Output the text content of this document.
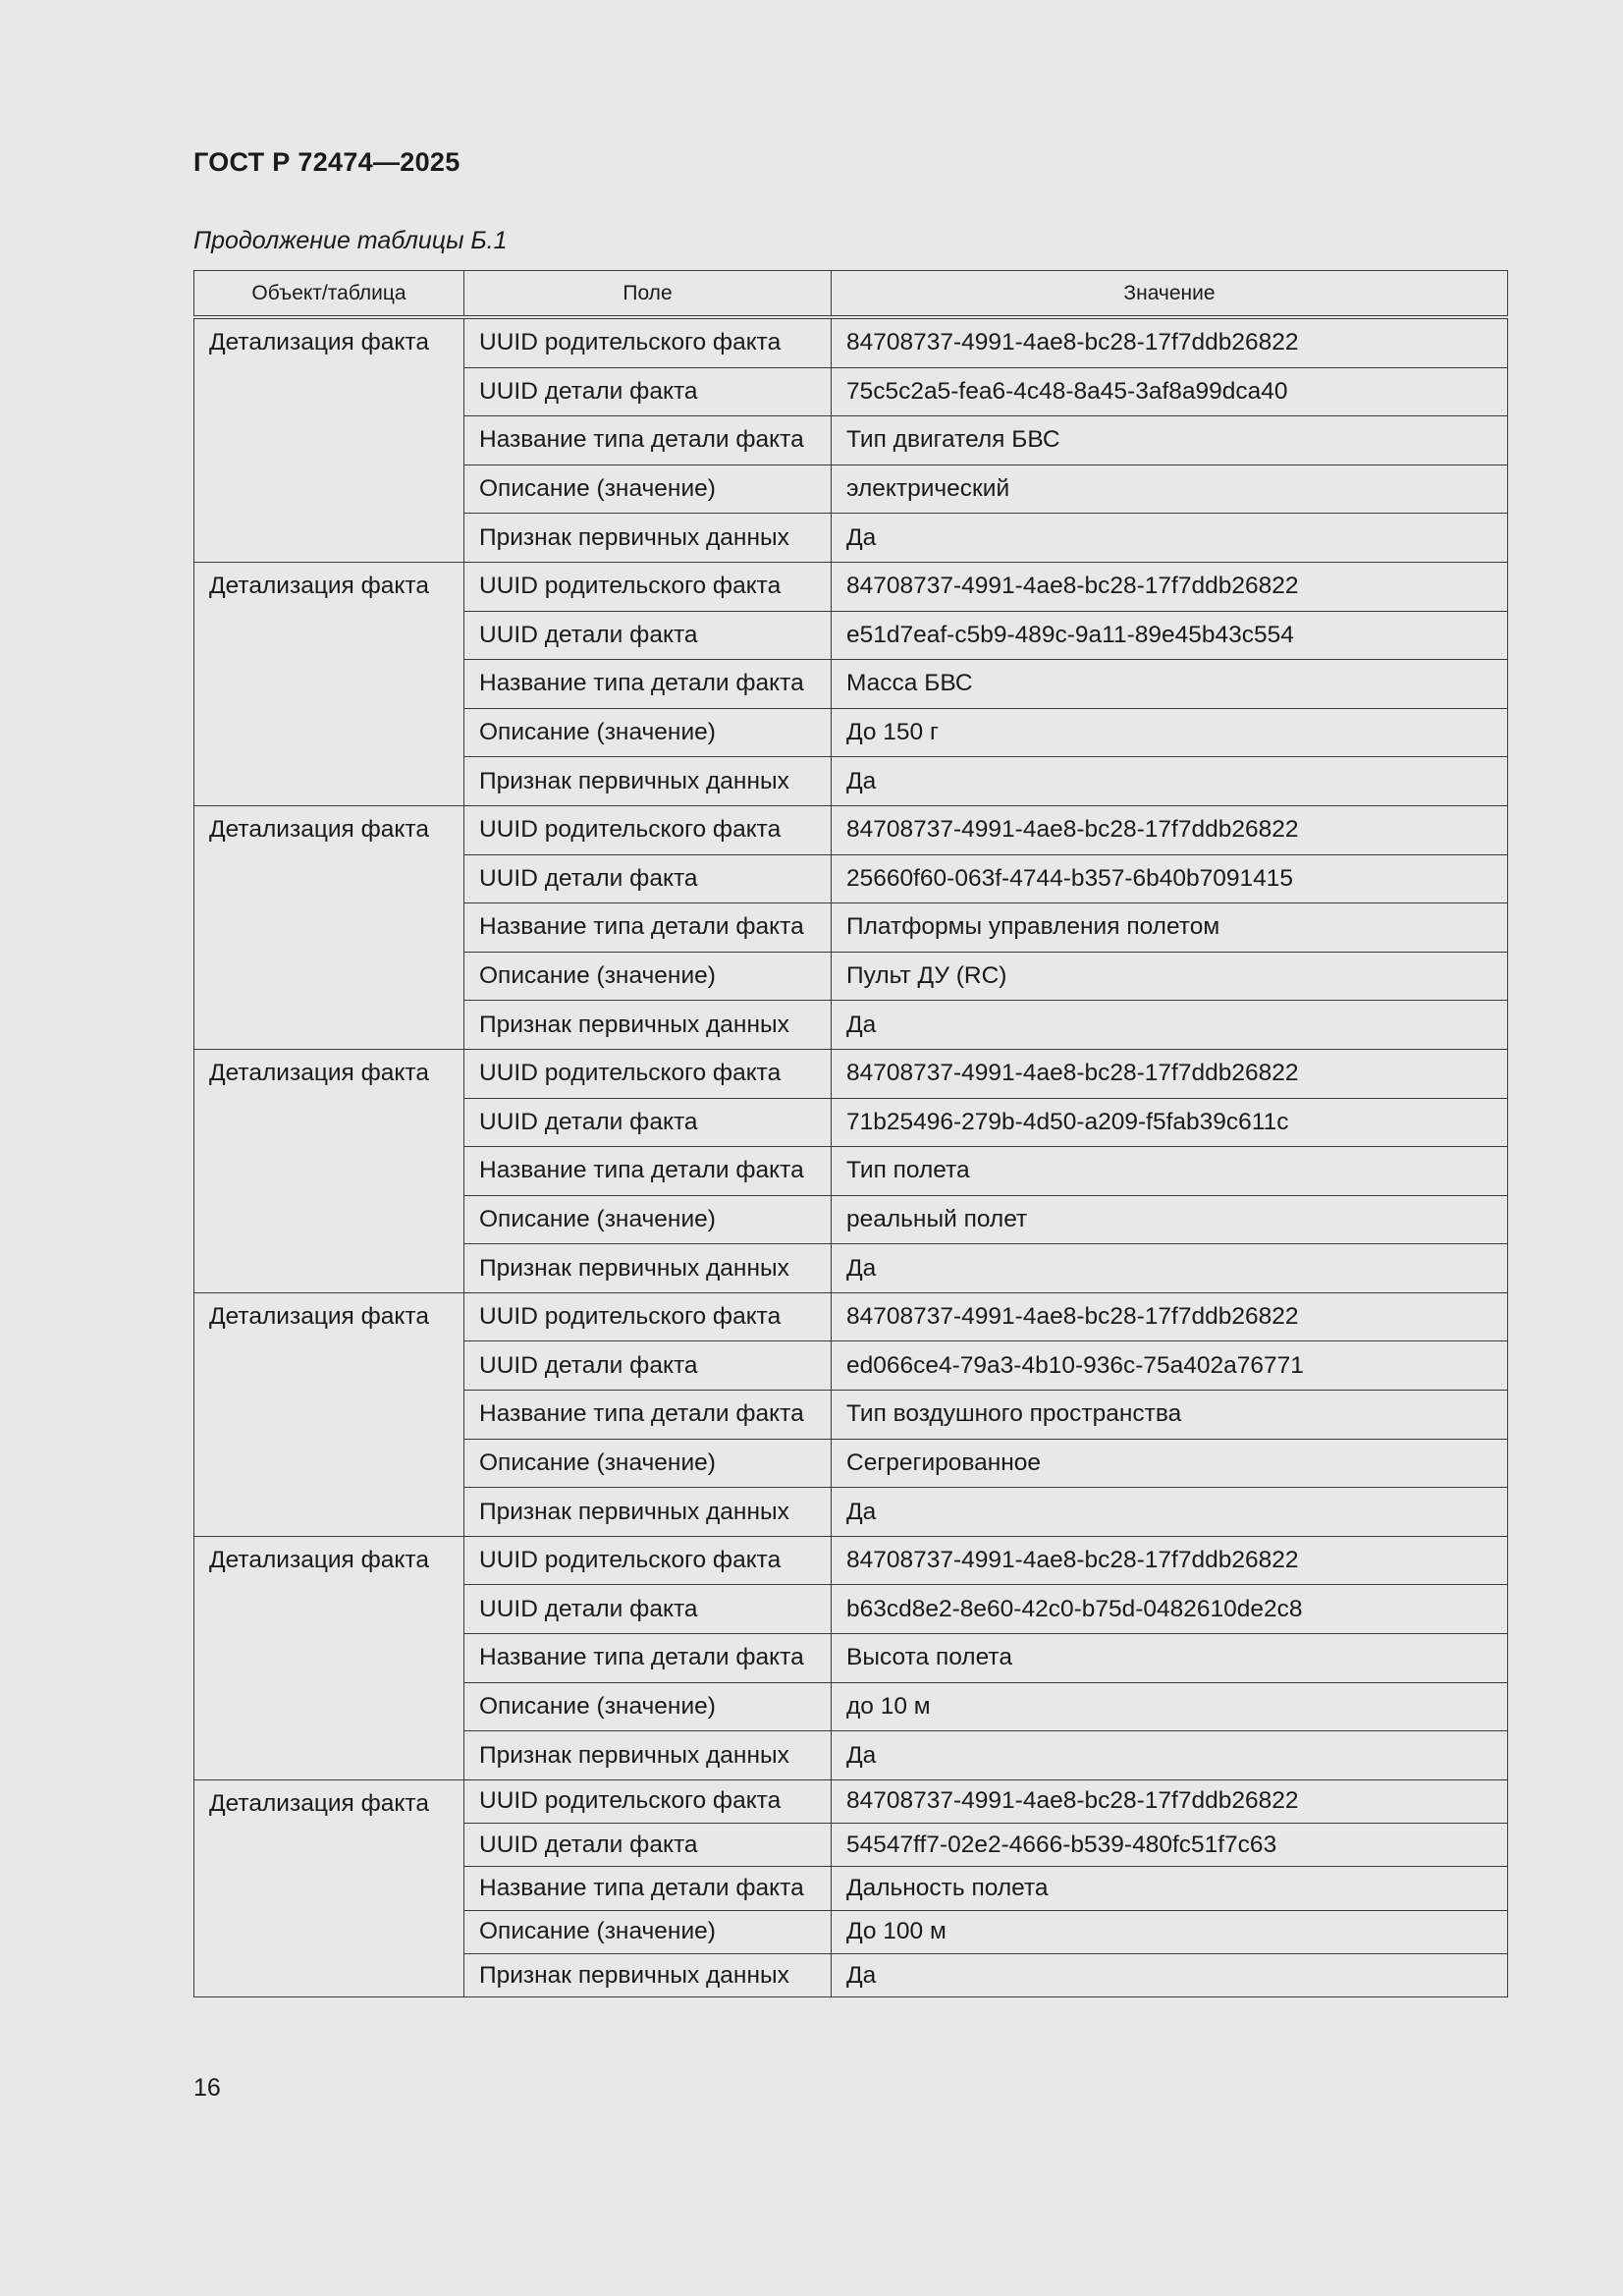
ГОСТ Р 72474—2025
Продолжение таблицы Б.1
Объект/таблица	Поле	Значение
Детализация факта	UUID родительского факта	84708737-4991-4ae8-bc28-17f7ddb26822
	UUID детали факта	75c5c2a5-fea6-4c48-8a45-3af8a99dca40
	Название типа детали факта	Тип двигателя БВС
	Описание (значение)	электрический
	Признак первичных данных	Да
Детализация факта	UUID родительского факта	84708737-4991-4ae8-bc28-17f7ddb26822
	UUID детали факта	e51d7eaf-c5b9-489c-9a11-89e45b43c554
	Название типа детали факта	Масса БВС
	Описание (значение)	До 150 г
	Признак первичных данных	Да
Детализация факта	UUID родительского факта	84708737-4991-4ae8-bc28-17f7ddb26822
	UUID детали факта	25660f60-063f-4744-b357-6b40b7091415
	Название типа детали факта	Платформы управления полетом
	Описание (значение)	Пульт ДУ (RC)
	Признак первичных данных	Да
Детализация факта	UUID родительского факта	84708737-4991-4ae8-bc28-17f7ddb26822
	UUID детали факта	71b25496-279b-4d50-a209-f5fab39c611c
	Название типа детали факта	Тип полета
	Описание (значение)	реальный полет
	Признак первичных данных	Да
Детализация факта	UUID родительского факта	84708737-4991-4ae8-bc28-17f7ddb26822
	UUID детали факта	ed066ce4-79a3-4b10-936c-75a402a76771
	Название типа детали факта	Тип воздушного пространства
	Описание (значение)	Сегрегированное
	Признак первичных данных	Да
Детализация факта	UUID родительского факта	84708737-4991-4ae8-bc28-17f7ddb26822
	UUID детали факта	b63cd8e2-8e60-42c0-b75d-0482610de2c8
	Название типа детали факта	Высота полета
	Описание (значение)	до 10 м
	Признак первичных данных	Да
Детализация факта	UUID родительского факта	84708737-4991-4ae8-bc28-17f7ddb26822
	UUID детали факта	54547ff7-02e2-4666-b539-480fc51f7c63
	Название типа детали факта	Дальность полета
	Описание (значение)	До 100 м
	Признак первичных данных	Да
16
